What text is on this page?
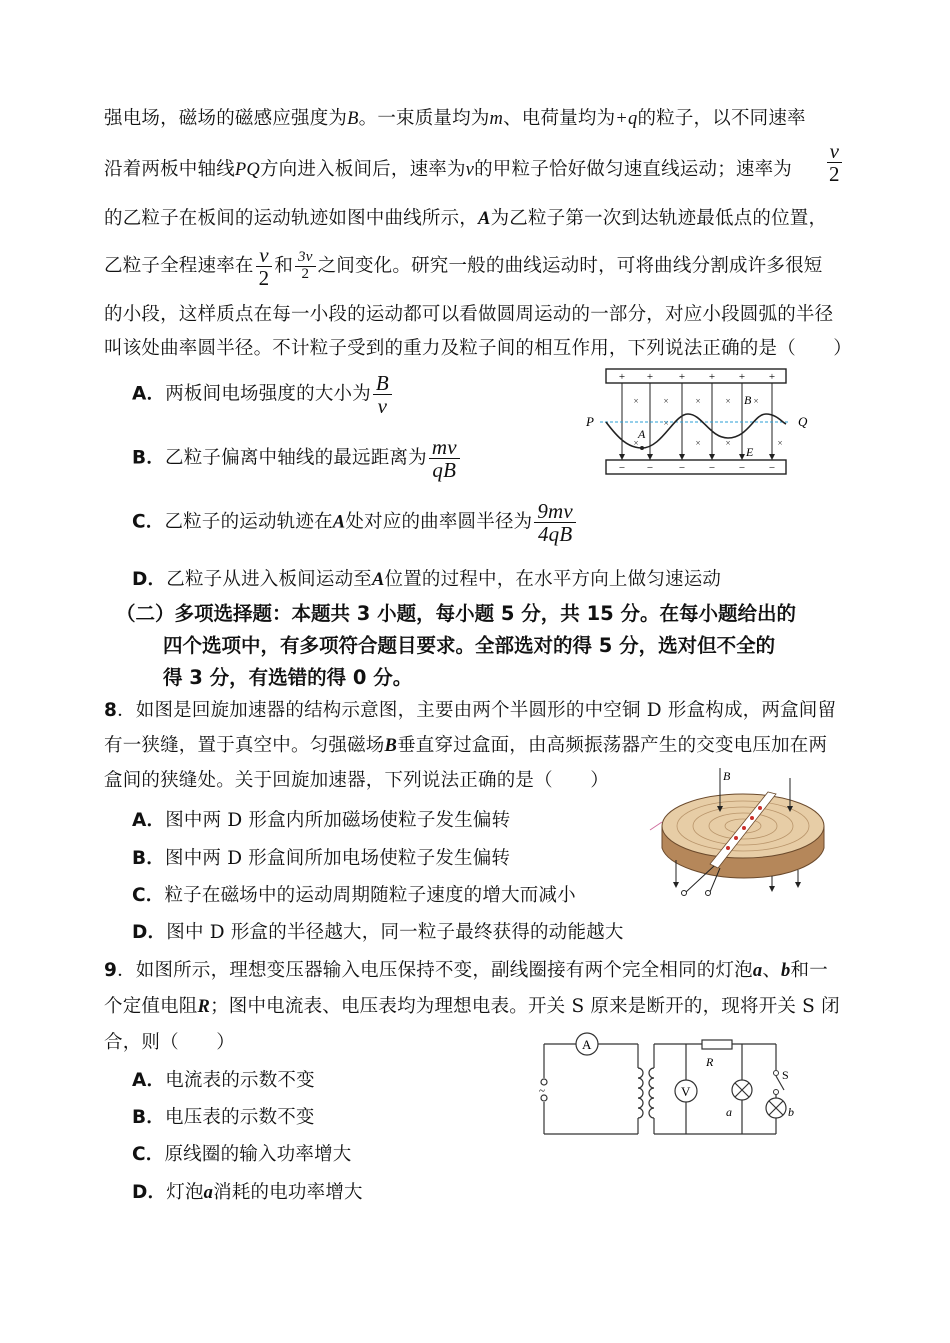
强电场，磁场的磁感应强度为B。一束质量均为m、电荷量均为+q的粒子，以不同速率
沿着两板中轴线PQ方向进入板间后，速率为v的甲粒子恰好做匀速直线运动；速率为 $\frac{v}{2}$
的乙粒子在板间的运动轨迹如图中曲线所示，A为乙粒子第一次到达轨迹最低点的位置，
乙粒子全程速率在 $\frac{v}{2}$ 和 $\frac{3v}{2}$ 之间变化。研究一般的曲线运动时，可将曲线分割成许多很短
的小段，这样质点在每一小段的运动都可以看做圆周运动的一部分，对应小段圆弧的半径
叫该处曲率圆半径。不计粒子受到的重力及粒子间的相互作用，下列说法正确的是（　　）
A．两板间电场强度的大小为 $\frac{B}{v}$
B．乙粒子偏离中轴线的最远距离为 $\frac{mv}{qB}$
C．乙粒子的运动轨迹在A处对应的曲率圆半径为 $\frac{9mv}{4qB}$
D．乙粒子从进入板间运动至A位置的过程中，在水平方向上做匀速运动
+ + + + + +
− − − − − −
×	×	×	×
×	×	×	×
×
×
P	Q
A
B
E
（二）多项选择题：本题共 3 小题，每小题 5 分，共 15 分。在每小题给出的
四个选项中，有多项符合题目要求。全部选对的得 5 分，选对但不全的
得 3 分，有选错的得 0 分。
8．如图是回旋加速器的结构示意图，主要由两个半圆形的中空铜 D 形盒构成，两盒间留
有一狭缝，置于真空中。匀强磁场B垂直穿过盒面，由高频振荡器产生的交变电压加在两
盒间的狭缝处。关于回旋加速器，下列说法正确的是（　　）
A．图中两 D 形盒内所加磁场使粒子发生偏转
B．图中两 D 形盒间所加电场使粒子发生偏转
C．粒子在磁场中的运动周期随粒子速度的增大而减小
D．图中 D 形盒的半径越大，同一粒子最终获得的动能越大
B
9．如图所示，理想变压器输入电压保持不变，副线圈接有两个完全相同的灯泡a、b和一
个定值电阻R；图中电流表、电压表均为理想电表。开关 S 原来是断开的，现将开关 S 闭
合，则（　　）
A．电流表的示数不变
B．电压表的示数不变
C．原线圈的输入功率增大
D．灯泡a消耗的电功率增大
~
A
R
V
a
S
b
